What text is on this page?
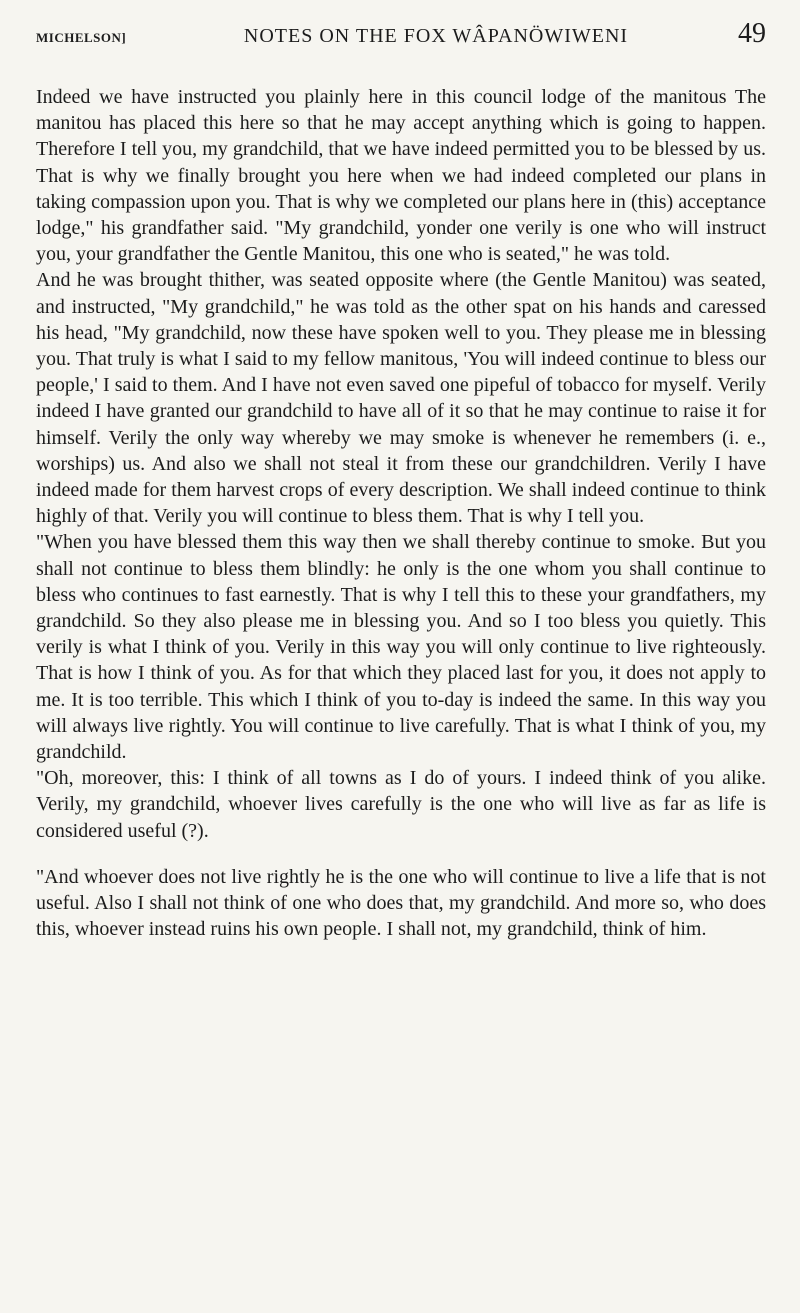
MICHELSON]	NOTES ON THE FOX WÂPANÖWIWENI	49

Indeed we have instructed you plainly here in this council lodge of the manitous The manitou has placed this here so that he may accept anything which is going to happen. Therefore I tell you, my grandchild, that we have indeed permitted you to be blessed by us. That is why we finally brought you here when we had indeed completed our plans in taking compassion upon you. That is why we completed our plans here in (this) acceptance lodge," his grandfather said. "My grandchild, yonder one verily is one who will instruct you, your grandfather the Gentle Manitou, this one who is seated," he was told.

And he was brought thither, was seated opposite where (the Gentle Manitou) was seated, and instructed, "My grandchild," he was told as the other spat on his hands and caressed his head, "My grandchild, now these have spoken well to you. They please me in blessing you. That truly is what I said to my fellow manitous, 'You will indeed continue to bless our people,' I said to them. And I have not even saved one pipeful of tobacco for myself. Verily indeed I have granted our grandchild to have all of it so that he may continue to raise it for himself. Verily the only way whereby we may smoke is whenever he remembers (i. e., worships) us. And also we shall not steal it from these our grandchildren. Verily I have indeed made for them harvest crops of every description. We shall indeed continue to think highly of that. Verily you will continue to bless them. That is why I tell you.

"When you have blessed them this way then we shall thereby continue to smoke. But you shall not continue to bless them blindly: he only is the one whom you shall continue to bless who continues to fast earnestly. That is why I tell this to these your grandfathers, my grandchild. So they also please me in blessing you. And so I too bless you quietly. This verily is what I think of you. Verily in this way you will only continue to live righteously. That is how I think of you. As for that which they placed last for you, it does not apply to me. It is too terrible. This which I think of you to-day is indeed the same. In this way you will always live rightly. You will continue to live carefully. That is what I think of you, my grandchild.

"Oh, moreover, this: I think of all towns as I do of yours. I indeed think of you alike. Verily, my grandchild, whoever lives carefully is the one who will live as far as life is considered useful (?).

"And whoever does not live rightly he is the one who will continue to live a life that is not useful. Also I shall not think of one who does that, my grandchild. And more so, who does this, whoever instead ruins his own people. I shall not, my grandchild, think of him.
